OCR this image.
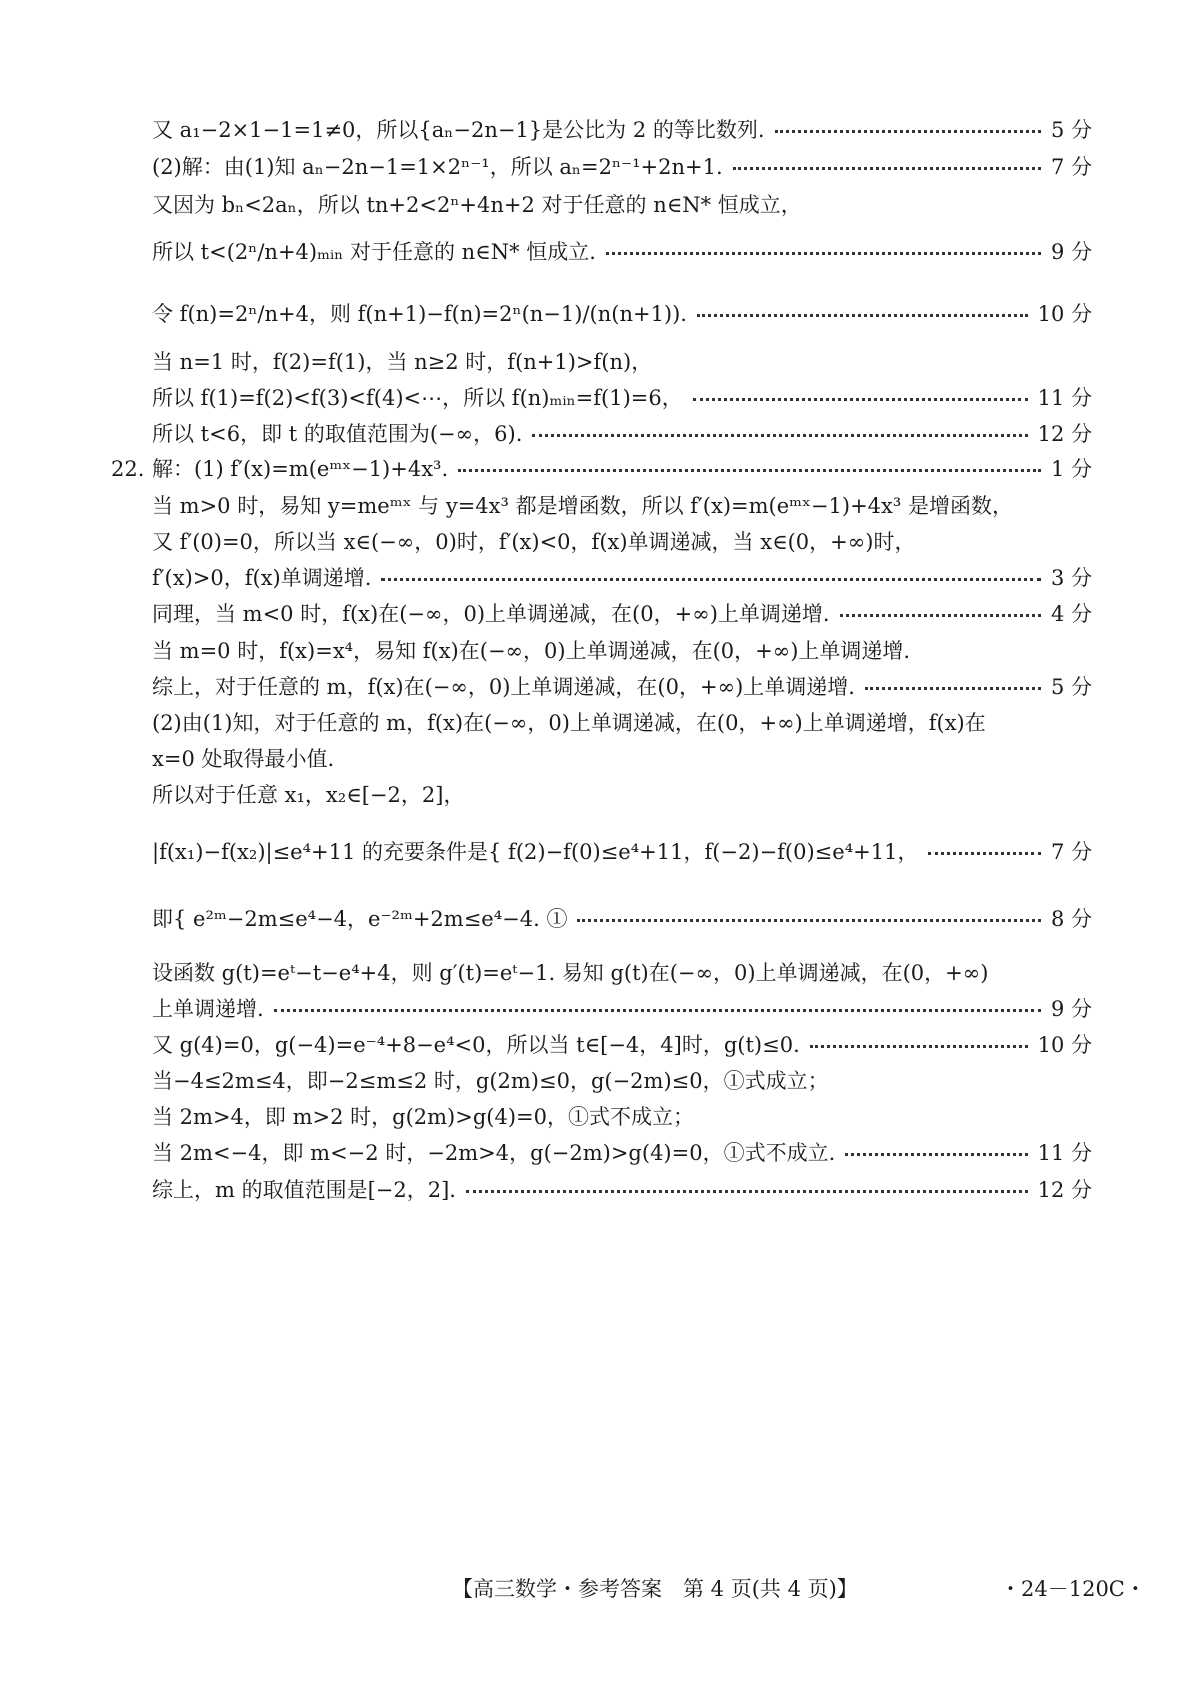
又 a₁−2×1−1=1≠0，所以{aₙ−2n−1}是公比为 2 的等比数列.	5 分
(2)解：由(1)知 aₙ−2n−1=1×2ⁿ⁻¹，所以 aₙ=2ⁿ⁻¹+2n+1.	7 分
又因为 bₙ<2aₙ，所以 tn+2<2ⁿ+4n+2 对于任意的 n∈N* 恒成立，
所以 t<(2ⁿ/n+4)ₘᵢₙ 对于任意的 n∈N* 恒成立.	9 分
令 f(n)=2ⁿ/n+4，则 f(n+1)−f(n)=2ⁿ(n−1)/(n(n+1)).	10 分
当 n=1 时，f(2)=f(1)，当 n≥2 时，f(n+1)>f(n)，
所以 f(1)=f(2)<f(3)<f(4)<⋯，所以 f(n)ₘᵢₙ=f(1)=6，	11 分
所以 t<6，即 t 的取值范围为(−∞，6).	12 分
22. 解：(1) f′(x)=m(eᵐˣ−1)+4x³.	1 分
当 m>0 时，易知 y=meᵐˣ 与 y=4x³ 都是增函数，所以 f′(x)=m(eᵐˣ−1)+4x³ 是增函数，
又 f′(0)=0，所以当 x∈(−∞，0)时，f′(x)<0，f(x)单调递减，当 x∈(0，+∞)时，
f′(x)>0，f(x)单调递增.	3 分
同理，当 m<0 时，f(x)在(−∞，0)上单调递减，在(0，+∞)上单调递增.	4 分
当 m=0 时，f(x)=x⁴，易知 f(x)在(−∞，0)上单调递减，在(0，+∞)上单调递增.
综上，对于任意的 m，f(x)在(−∞，0)上单调递减，在(0，+∞)上单调递增.	5 分
(2)由(1)知，对于任意的 m，f(x)在(−∞，0)上单调递减，在(0，+∞)上单调递增，f(x)在
x=0 处取得最小值.
所以对于任意 x₁，x₂∈[−2，2]，
|f(x₁)−f(x₂)|≤e⁴+11 的充要条件是{ f(2)−f(0)≤e⁴+11，f(−2)−f(0)≤e⁴+11，	7 分
即{ e²ᵐ−2m≤e⁴−4，e⁻²ᵐ+2m≤e⁴−4. ①	8 分
设函数 g(t)=eᵗ−t−e⁴+4，则 g′(t)=eᵗ−1. 易知 g(t)在(−∞，0)上单调递减，在(0，+∞)
上单调递增.	9 分
又 g(4)=0，g(−4)=e⁻⁴+8−e⁴<0，所以当 t∈[−4，4]时，g(t)≤0.	10 分
当−4≤2m≤4，即−2≤m≤2 时，g(2m)≤0，g(−2m)≤0，①式成立；
当 2m>4，即 m>2 时，g(2m)>g(4)=0，①式不成立；
当 2m<−4，即 m<−2 时，−2m>4，g(−2m)>g(4)=0，①式不成立.	11 分
综上，m 的取值范围是[−2，2].	12 分
【高三数学・参考答案　第 4 页(共 4 页)】	・24－120C・
